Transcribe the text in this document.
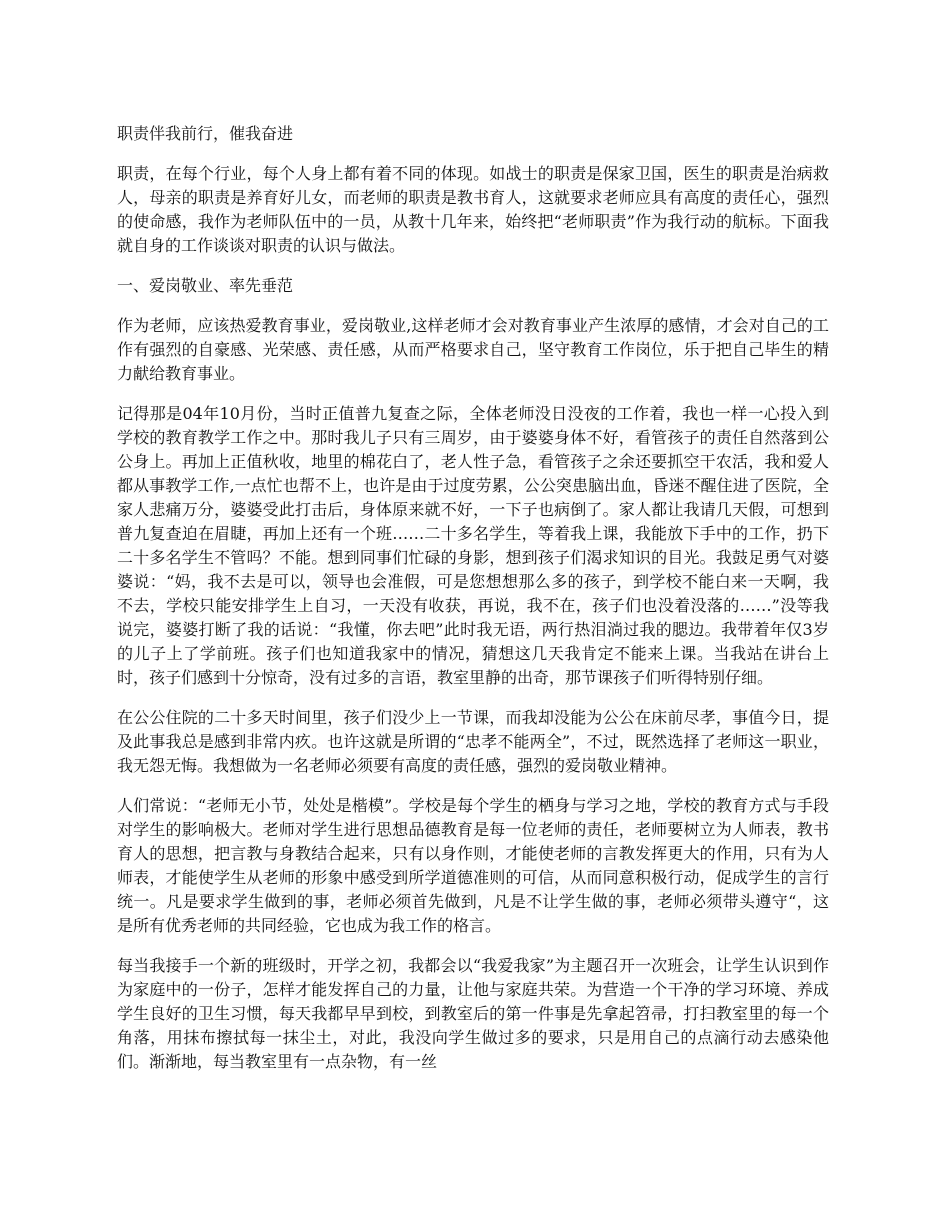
职责伴我前行，催我奋进

职责，在每个行业，每个人身上都有着不同的体现。如战士的职责是保家卫国，医生的职责是治病救人，母亲的职责是养育好儿女，而老师的职责是教书育人，这就要求老师应具有高度的责任心，强烈的使命感，我作为老师队伍中的一员，从教十几年来，始终把“老师职责”作为我行动的航标。下面我就自身的工作谈谈对职责的认识与做法。

一、爱岗敬业、率先垂范

作为老师，应该热爱教育事业，爱岗敬业,这样老师才会对教育事业产生浓厚的感情，才会对自己的工作有强烈的自豪感、光荣感、责任感，从而严格要求自己，坚守教育工作岗位，乐于把自己毕生的精力献给教育事业。

记得那是04年10月份，当时正值普九复查之际，全体老师没日没夜的工作着，我也一样一心投入到学校的教育教学工作之中。那时我儿子只有三周岁，由于婆婆身体不好，看管孩子的责任自然落到公公身上。再加上正值秋收，地里的棉花白了，老人性子急，看管孩子之余还要抓空干农活，我和爱人都从事教学工作,一点忙也帮不上，也许是由于过度劳累，公公突患脑出血，昏迷不醒住进了医院，全家人悲痛万分，婆婆受此打击后，身体原来就不好，一下子也病倒了。家人都让我请几天假，可想到普九复查迫在眉睫，再加上还有一个班……二十多名学生，等着我上课，我能放下手中的工作，扔下二十多名学生不管吗？不能。想到同事们忙碌的身影，想到孩子们渴求知识的目光。我鼓足勇气对婆婆说：“妈，我不去是可以，领导也会准假，可是您想想那么多的孩子，到学校不能白来一天啊，我不去，学校只能安排学生上自习，一天没有收获，再说，我不在，孩子们也没着没落的……”没等我说完，婆婆打断了我的话说：“我懂，你去吧”此时我无语，两行热泪淌过我的腮边。我带着年仅3岁的儿子上了学前班。孩子们也知道我家中的情况，猜想这几天我肯定不能来上课。当我站在讲台上时，孩子们感到十分惊奇，没有过多的言语，教室里静的出奇，那节课孩子们听得特别仔细。

在公公住院的二十多天时间里，孩子们没少上一节课，而我却没能为公公在床前尽孝，事值今日，提及此事我总是感到非常内疚。也许这就是所谓的“忠孝不能两全”，不过，既然选择了老师这一职业，我无怨无悔。我想做为一名老师必须要有高度的责任感，强烈的爱岗敬业精神。

人们常说：“老师无小节，处处是楷模”。学校是每个学生的栖身与学习之地，学校的教育方式与手段对学生的影响极大。老师对学生进行思想品德教育是每一位老师的责任，老师要树立为人师表，教书育人的思想，把言教与身教结合起来，只有以身作则，才能使老师的言教发挥更大的作用，只有为人师表，才能使学生从老师的形象中感受到所学道德准则的可信，从而同意积极行动，促成学生的言行统一。凡是要求学生做到的事，老师必须首先做到，凡是不让学生做的事，老师必须带头遵守“，这是所有优秀老师的共同经验，它也成为我工作的格言。

每当我接手一个新的班级时，开学之初，我都会以“我爱我家”为主题召开一次班会，让学生认识到作为家庭中的一份子，怎样才能发挥自己的力量，让他与家庭共荣。为营造一个干净的学习环境、养成学生良好的卫生习惯，每天我都早早到校，到教室后的第一件事是先拿起笤帚，打扫教室里的每一个角落，用抹布擦拭每一抹尘土，对此，我没向学生做过多的要求，只是用自己的点滴行动去感染他们。渐渐地，每当教室里有一点杂物，有一丝
